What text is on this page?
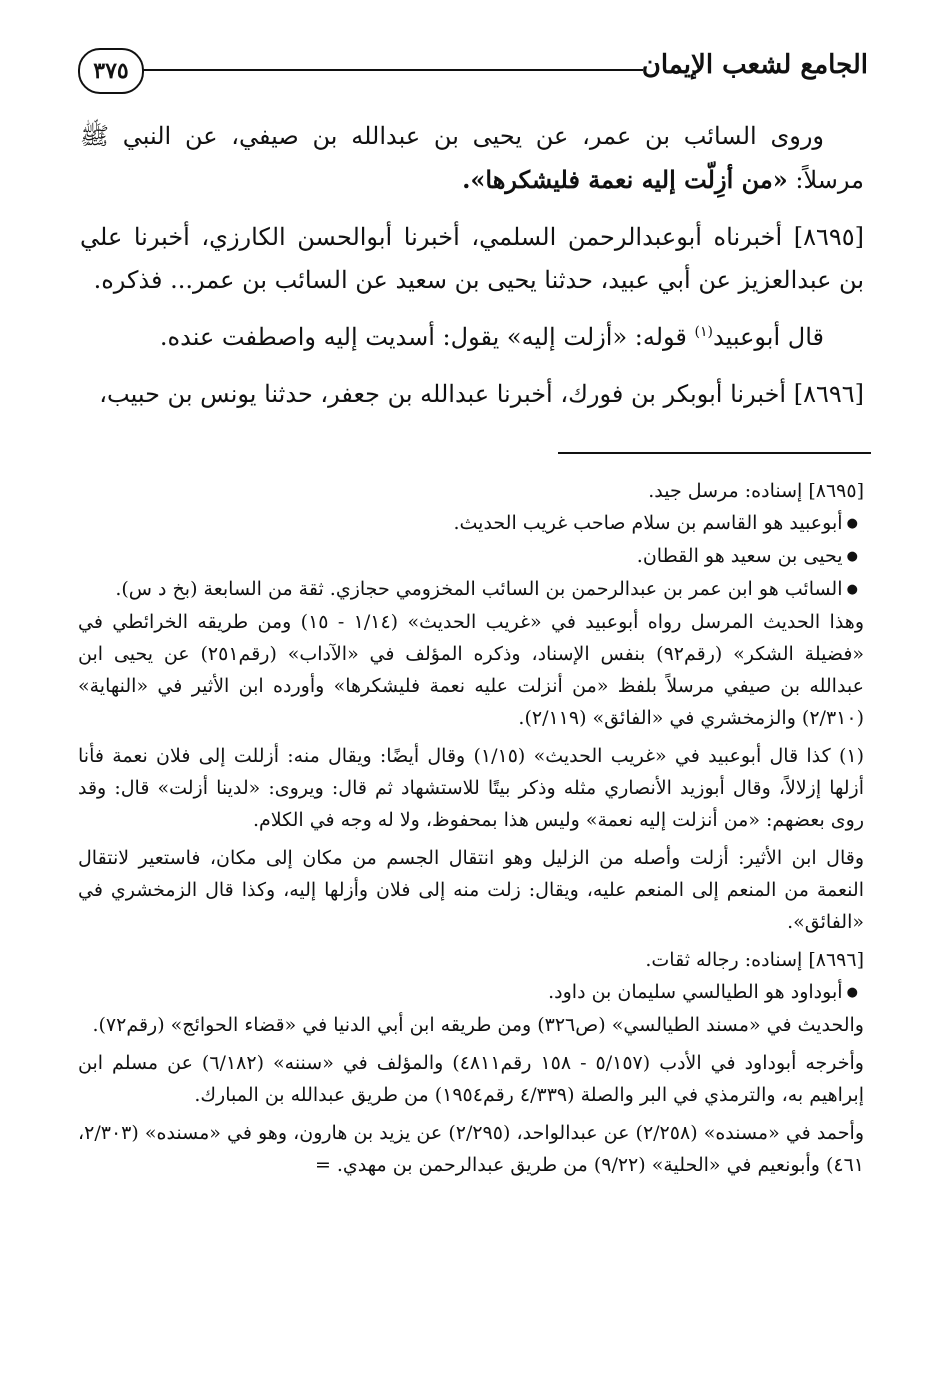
٣٧٥	الجامع لشعب الإيمان

وروى السائب بن عمر، عن يحيى بن عبدالله بن صيفي، عن النبي ﷺ مرسلاً: «من أزِلّت إليه نعمة فليشكرها».

[٨٦٩٥] أخبرناه أبوعبدالرحمن السلمي، أخبرنا أبوالحسن الكارزي، أخبرنا علي بن عبدالعزيز عن أبي عبيد، حدثنا يحيى بن سعيد عن السائب بن عمر... فذكره.

قال أبوعبيد$^{(١)}$ قوله: «أزلت إليه» يقول: أسديت إليه واصطفت عنده.

[٨٦٩٦] أخبرنا أبوبكر بن فورك، أخبرنا عبدالله بن جعفر، حدثنا يونس بن حبيب،

[٨٦٩٥] إسناده: مرسل جيد.

● أبوعبيد هو القاسم بن سلام صاحب غريب الحديث.

● يحيى بن سعيد هو القطان.

● السائب هو ابن عمر بن عبدالرحمن بن السائب المخزومي حجازي. ثقة من السابعة (بخ د س).

وهذا الحديث المرسل رواه أبوعبيد في «غريب الحديث» (١/١٤ - ١٥) ومن طريقه الخرائطي في «فضيلة الشكر» (رقم٩٢) بنفس الإسناد، وذكره المؤلف في «الآداب» (رقم٢٥١) عن يحيى ابن عبدالله بن صيفي مرسلاً بلفظ «من أنزلت عليه نعمة فليشكرها» وأورده ابن الأثير في «النهاية» (٢/٣١٠) والزمخشري في «الفائق» (٢/١١٩).

(١) كذا قال أبوعبيد في «غريب الحديث» (١/١٥) وقال أيضًا: ويقال منه: أزللت إلى فلان نعمة فأنا أزلها إزلالاً، وقال أبوزيد الأنصاري مثله وذكر بيتًا للاستشهاد ثم قال: ويروى: «لدينا أزلت» قال: وقد روى بعضهم: «من أنزلت إليه نعمة» وليس هذا بمحفوظ، ولا له وجه في الكلام.

وقال ابن الأثير: أزلت وأصله من الزليل وهو انتقال الجسم من مكان إلى مكان، فاستعير لانتقال النعمة من المنعم إلى المنعم عليه، ويقال: زلت منه إلى فلان وأزلها إليه، وكذا قال الزمخشري في «الفائق».

[٨٦٩٦] إسناده: رجاله ثقات.

● أبوداود هو الطيالسي سليمان بن داود.

والحديث في «مسند الطيالسي» (ص٣٢٦) ومن طريقه ابن أبي الدنيا في «قضاء الحوائج» (رقم٧٢).

وأخرجه أبوداود في الأدب (٥/١٥٧ - ١٥٨ رقم٤٨١١) والمؤلف في «سننه» (٦/١٨٢) عن مسلم ابن إبراهيم به، والترمذي في البر والصلة (٤/٣٣٩ رقم١٩٥٤) من طريق عبدالله بن المبارك.

وأحمد في «مسنده» (٢/٢٥٨) عن عبدالواحد، (٢/٢٩٥) عن يزيد بن هارون، وهو في «مسنده» (٢/٣٠٣، ٤٦١) وأبونعيم في «الحلية» (٩/٢٢) من طريق عبدالرحمن بن مهدي. =
